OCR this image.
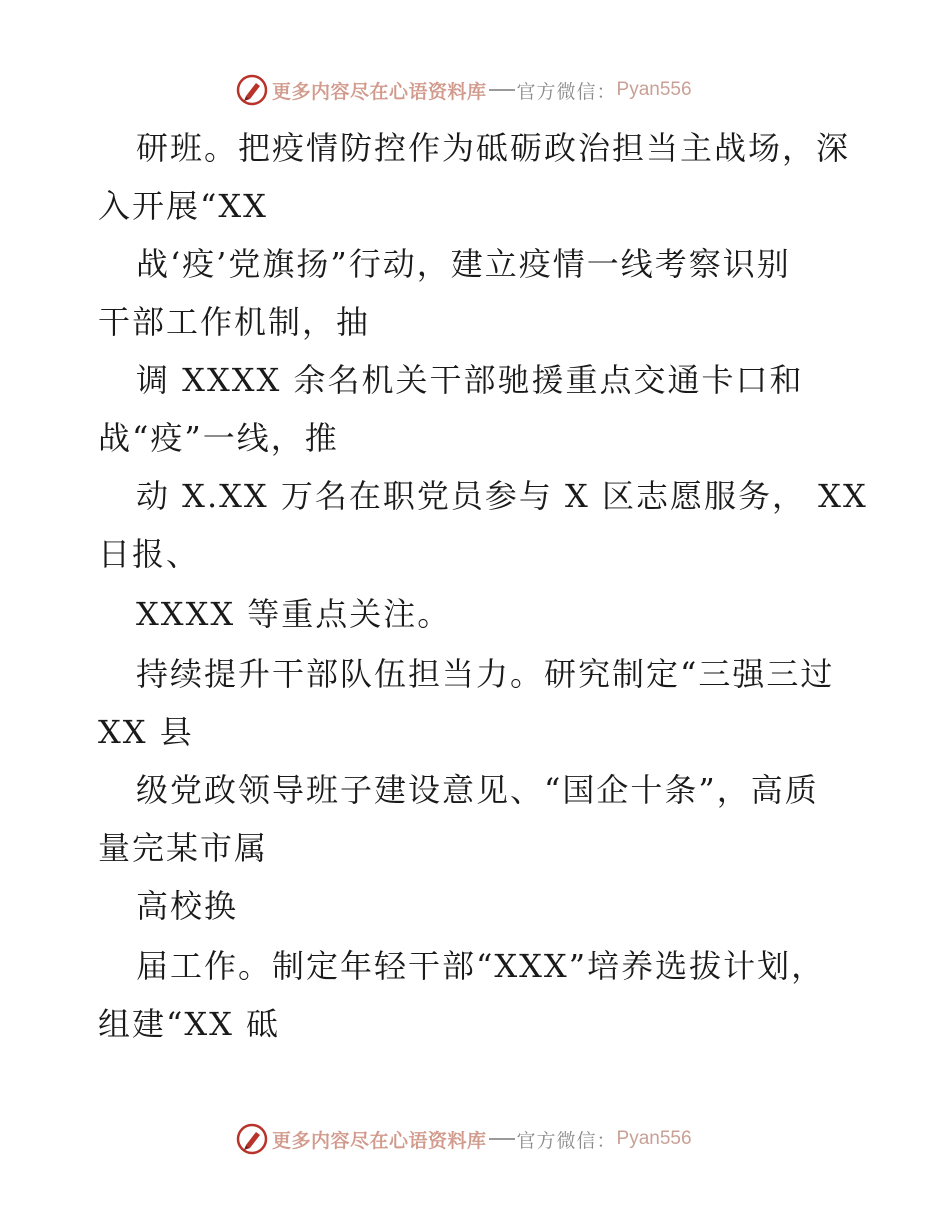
更多内容尽在心语资料库 官方微信： Pyan556
研班。把疫情防控作为砥砺政治担当主战场，深
入开展“XX
战‘疫’党旗扬”行动，建立疫情一线考察识别
干部工作机制，抽
调 XXXX 余名机关干部驰援重点交通卡口和
战“疫”一线，推
动 X.XX 万名在职党员参与 X 区志愿服务， XX
日报、
XXXX 等重点关注。
持续提升干部队伍担当力。研究制定“三强三过
XX 县
级党政领导班子建设意见、“国企十条”，高质
量完某市属
高校换
届工作。制定年轻干部“XXX”培养选拔计划，
组建“XX 砥
更多内容尽在心语资料库 官方微信： Pyan556
